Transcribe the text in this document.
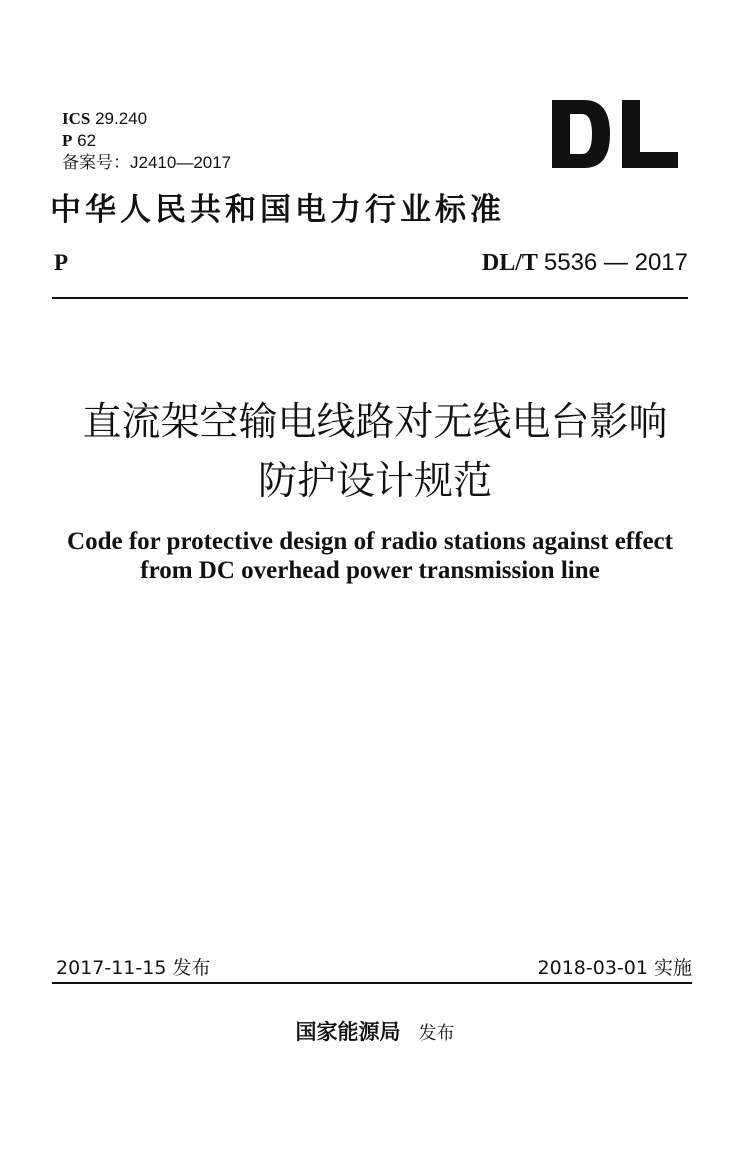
ICS 29.240
P 62
备案号：J2410—2017
中华人民共和国电力行业标准
P	DL/T 5536 — 2017
直流架空输电线路对无线电台影响
防护设计规范
Code for protective design of radio stations against effect
from DC overhead power transmission line
2017-11-15 发布	2018-03-01 实施
国家能源局 发布
